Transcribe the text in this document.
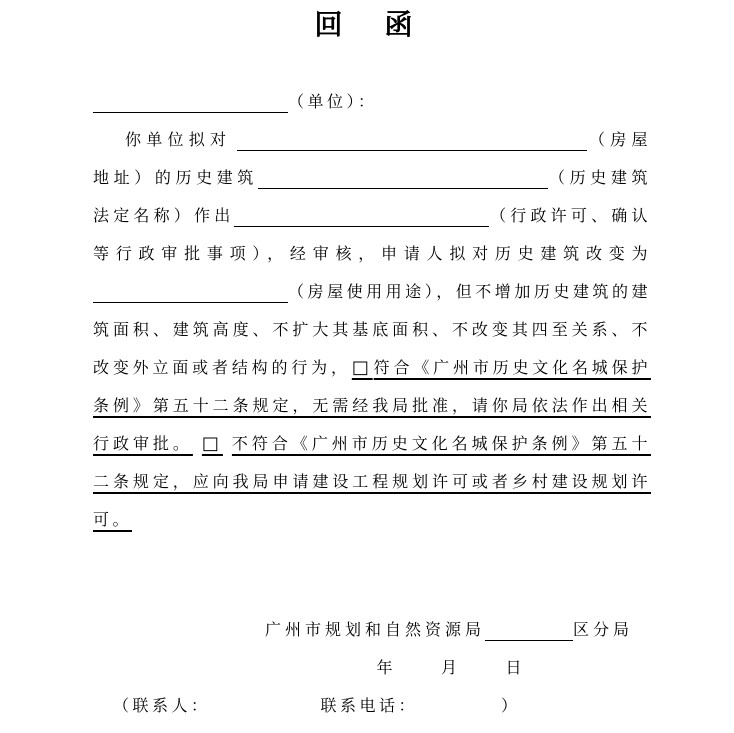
回　函

（单位）：

你单位拟对	（房屋地址）的历史建筑	（历史建筑法定名称）作出	（行政许可、确认等行政审批事项），经审核，申请人拟对历史建筑改变为（房屋使用用途），但不增加历史建筑的建筑面积、建筑高度、不扩大其基底面积、不改变其四至关系、不改变外立面或者结构的行为，□符合《广州市历史文化名城保护条例》第五十二条规定，无需经我局批准，请你局依法作出相关行政审批。 □ 不符合《广州市历史文化名城保护条例》第五十二条规定，应向我局申请建设工程规划许可或者乡村建设规划许可。

广州市规划和自然资源局	区分局
年	月	日
（联系人：	联系电话：	）
